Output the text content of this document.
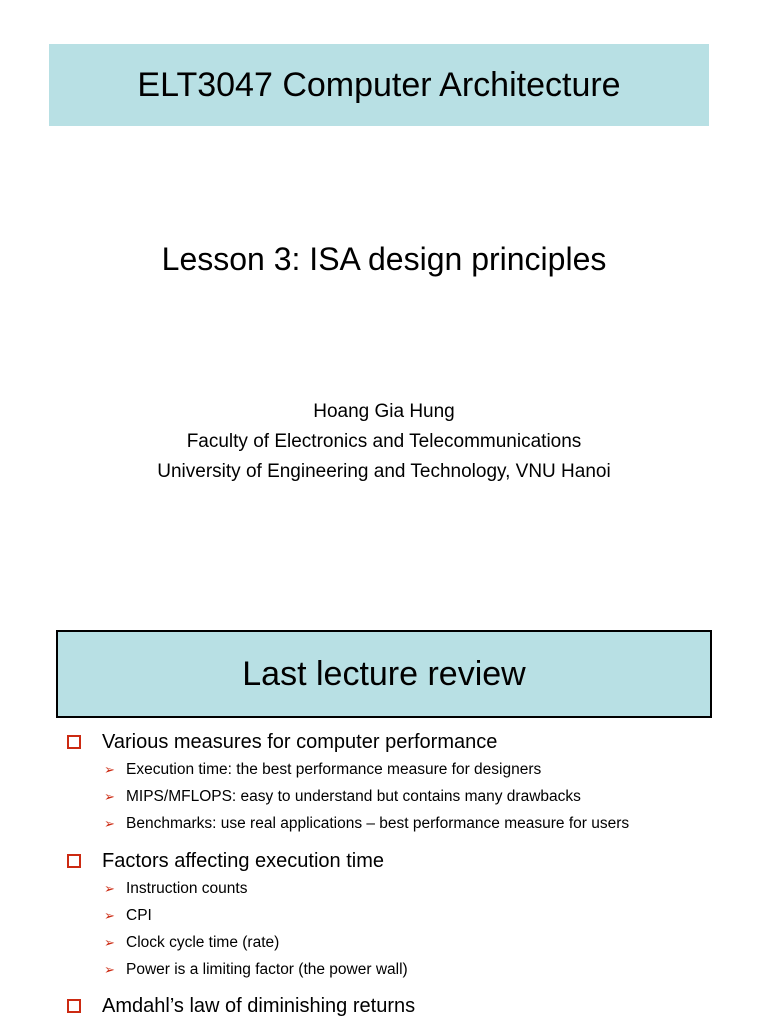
ELT3047 Computer Architecture
Lesson 3: ISA design principles
Hoang Gia Hung
Faculty of Electronics and Telecommunications
University of Engineering and Technology, VNU Hanoi
Last lecture review
Various measures for computer performance
➢ Execution time: the best performance measure for designers
➢ MIPS/MFLOPS: easy to understand but contains many drawbacks
➢ Benchmarks: use real applications – best performance measure for users
Factors affecting execution time
➢ Instruction counts
➢ CPI
➢ Clock cycle time (rate)
➢ Power is a limiting factor (the power wall)
Amdahl’s law of diminishing returns
